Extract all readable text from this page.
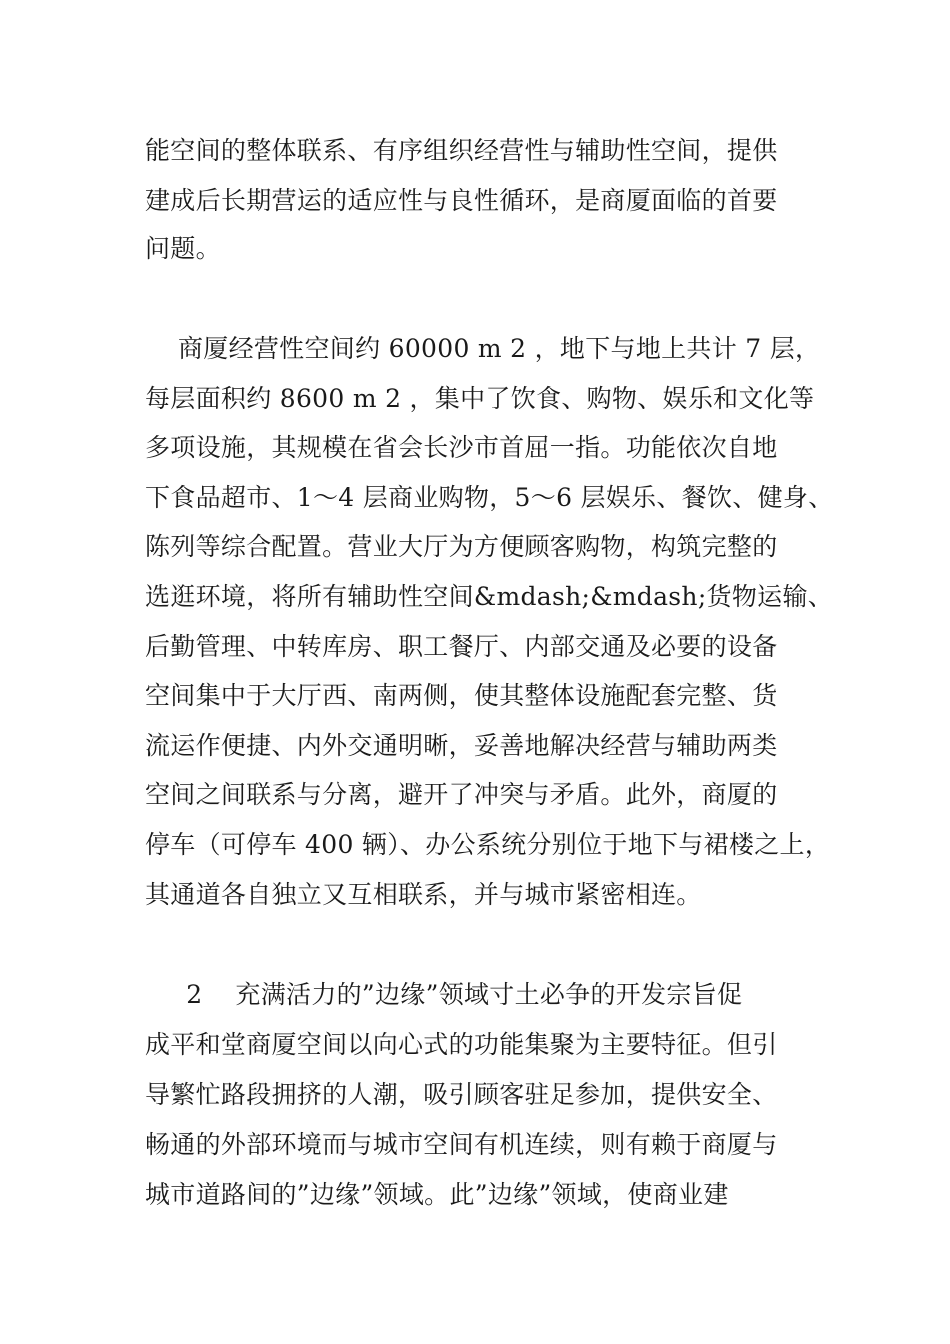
能空间的整体联系、有序组织经营性与辅助性空间，提供
建成后长期营运的适应性与良性循环，是商厦面临的首要
问题。
商厦经营性空间约 60000 m 2 ，地下与地上共计 7 层，
每层面积约 8600 m 2 ，集中了饮食、购物、娱乐和文化等
多项设施，其规模在省会长沙市首屈一指。功能依次自地
下食品超市、1～4 层商业购物，5～6 层娱乐、餐饮、健身、
陈列等综合配置。营业大厅为方便顾客购物，构筑完整的
选逛环境，将所有辅助性空间&mdash;&mdash;货物运输、
后勤管理、中转库房、职工餐厅、内部交通及必要的设备
空间集中于大厅西、南两侧，使其整体设施配套完整、货
流运作便捷、内外交通明晰，妥善地解决经营与辅助两类
空间之间联系与分离，避开了冲突与矛盾。此外，商厦的
停车（可停车 400 辆）、办公系统分别位于地下与裙楼之上，
其通道各自独立又互相联系，并与城市紧密相连。
2    充满活力的”边缘”领域寸土必争的开发宗旨促
成平和堂商厦空间以向心式的功能集聚为主要特征。但引
导繁忙路段拥挤的人潮，吸引顾客驻足参加，提供安全、
畅通的外部环境而与城市空间有机连续，则有赖于商厦与
城市道路间的”边缘”领域。此”边缘”领域，使商业建
